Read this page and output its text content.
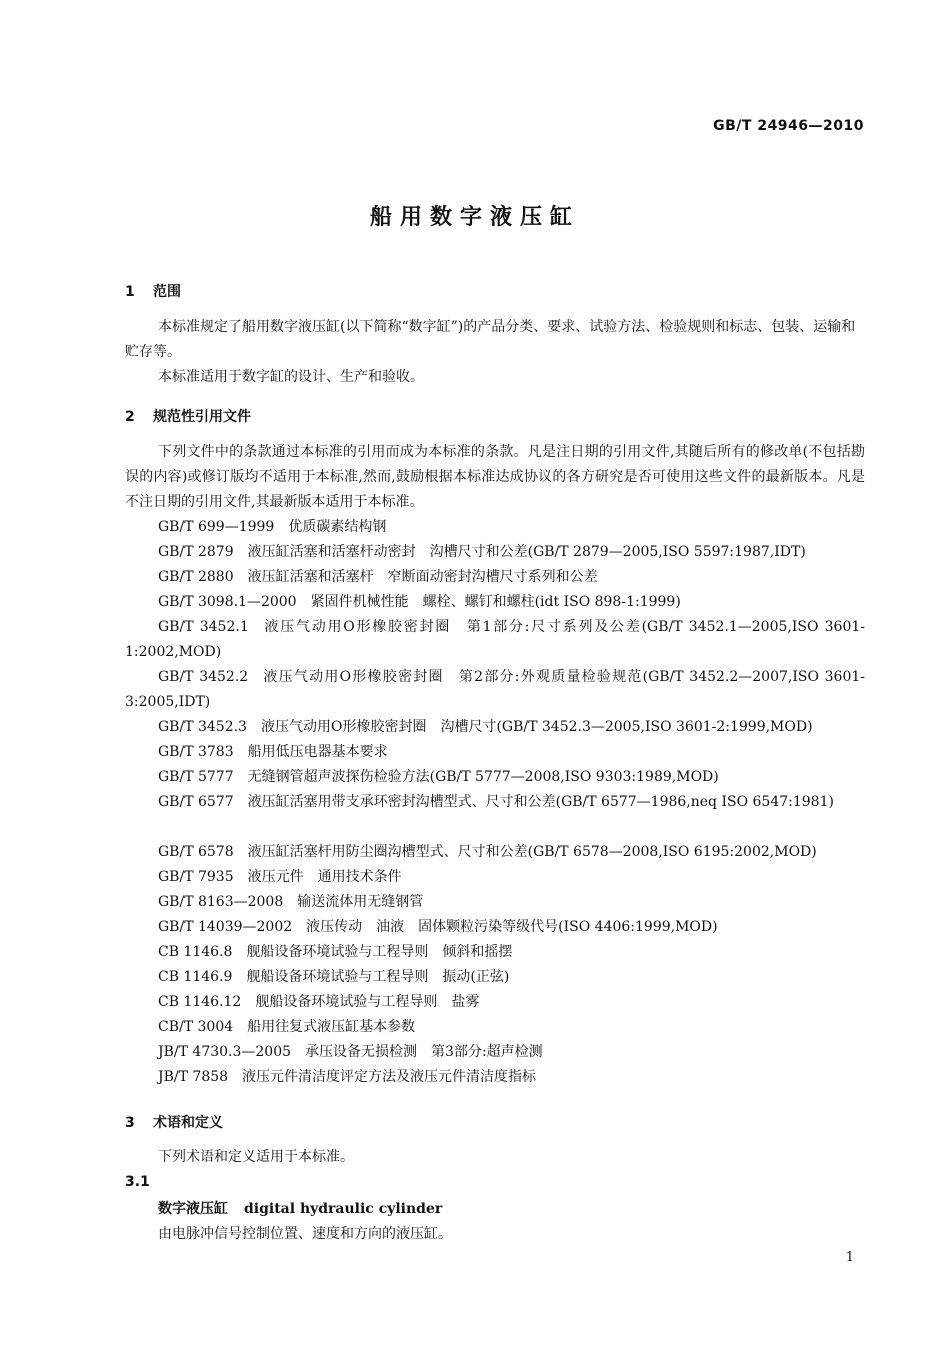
GB/T 24946—2010
船用数字液压缸
1 范围
本标准规定了船用数字液压缸(以下简称“数字缸”)的产品分类、要求、试验方法、检验规则和标志、包装、运输和贮存等。
本标准适用于数字缸的设计、生产和验收。
2 规范性引用文件
下列文件中的条款通过本标准的引用而成为本标准的条款。凡是注日期的引用文件,其随后所有的修改单(不包括勘误的内容)或修订版均不适用于本标准,然而,鼓励根据本标准达成协议的各方研究是否可使用这些文件的最新版本。凡是不注日期的引用文件,其最新版本适用于本标准。
GB/T 699—1999 优质碳素结构钢
GB/T 2879 液压缸活塞和活塞杆动密封　沟槽尺寸和公差(GB/T 2879—2005,ISO 5597:1987,IDT)
GB/T 2880 液压缸活塞和活塞杆　窄断面动密封沟槽尺寸系列和公差
GB/T 3098.1—2000 紧固件机械性能　螺栓、螺钉和螺柱(idt ISO 898-1:1999)
GB/T 3452.1 液压气动用O形橡胶密封圈　第1部分:尺寸系列及公差(GB/T 3452.1—2005,ISO 3601-1:2002,MOD)
GB/T 3452.2 液压气动用O形橡胶密封圈　第2部分:外观质量检验规范(GB/T 3452.2—2007,ISO 3601-3:2005,IDT)
GB/T 3452.3 液压气动用O形橡胶密封圈　沟槽尺寸(GB/T 3452.3—2005,ISO 3601-2:1999,MOD)
GB/T 3783 船用低压电器基本要求
GB/T 5777 无缝钢管超声波探伤检验方法(GB/T 5777—2008,ISO 9303:1989,MOD)
GB/T 6577 液压缸活塞用带支承环密封沟槽型式、尺寸和公差(GB/T 6577—1986,neq ISO 6547:1981)
GB/T 6578 液压缸活塞杆用防尘圈沟槽型式、尺寸和公差(GB/T 6578—2008,ISO 6195:2002,MOD)
GB/T 7935 液压元件　通用技术条件
GB/T 8163—2008 输送流体用无缝钢管
GB/T 14039—2002 液压传动　油液　固体颗粒污染等级代号(ISO 4406:1999,MOD)
CB 1146.8 舰船设备环境试验与工程导则　倾斜和摇摆
CB 1146.9 舰船设备环境试验与工程导则　振动(正弦)
CB 1146.12 舰船设备环境试验与工程导则　盐雾
CB/T 3004 船用往复式液压缸基本参数
JB/T 4730.3—2005 承压设备无损检测　第3部分:超声检测
JB/T 7858 液压元件清洁度评定方法及液压元件清洁度指标
3 术语和定义
下列术语和定义适用于本标准。
3.1
数字液压缸 digital hydraulic cylinder
由电脉冲信号控制位置、速度和方向的液压缸。
1
